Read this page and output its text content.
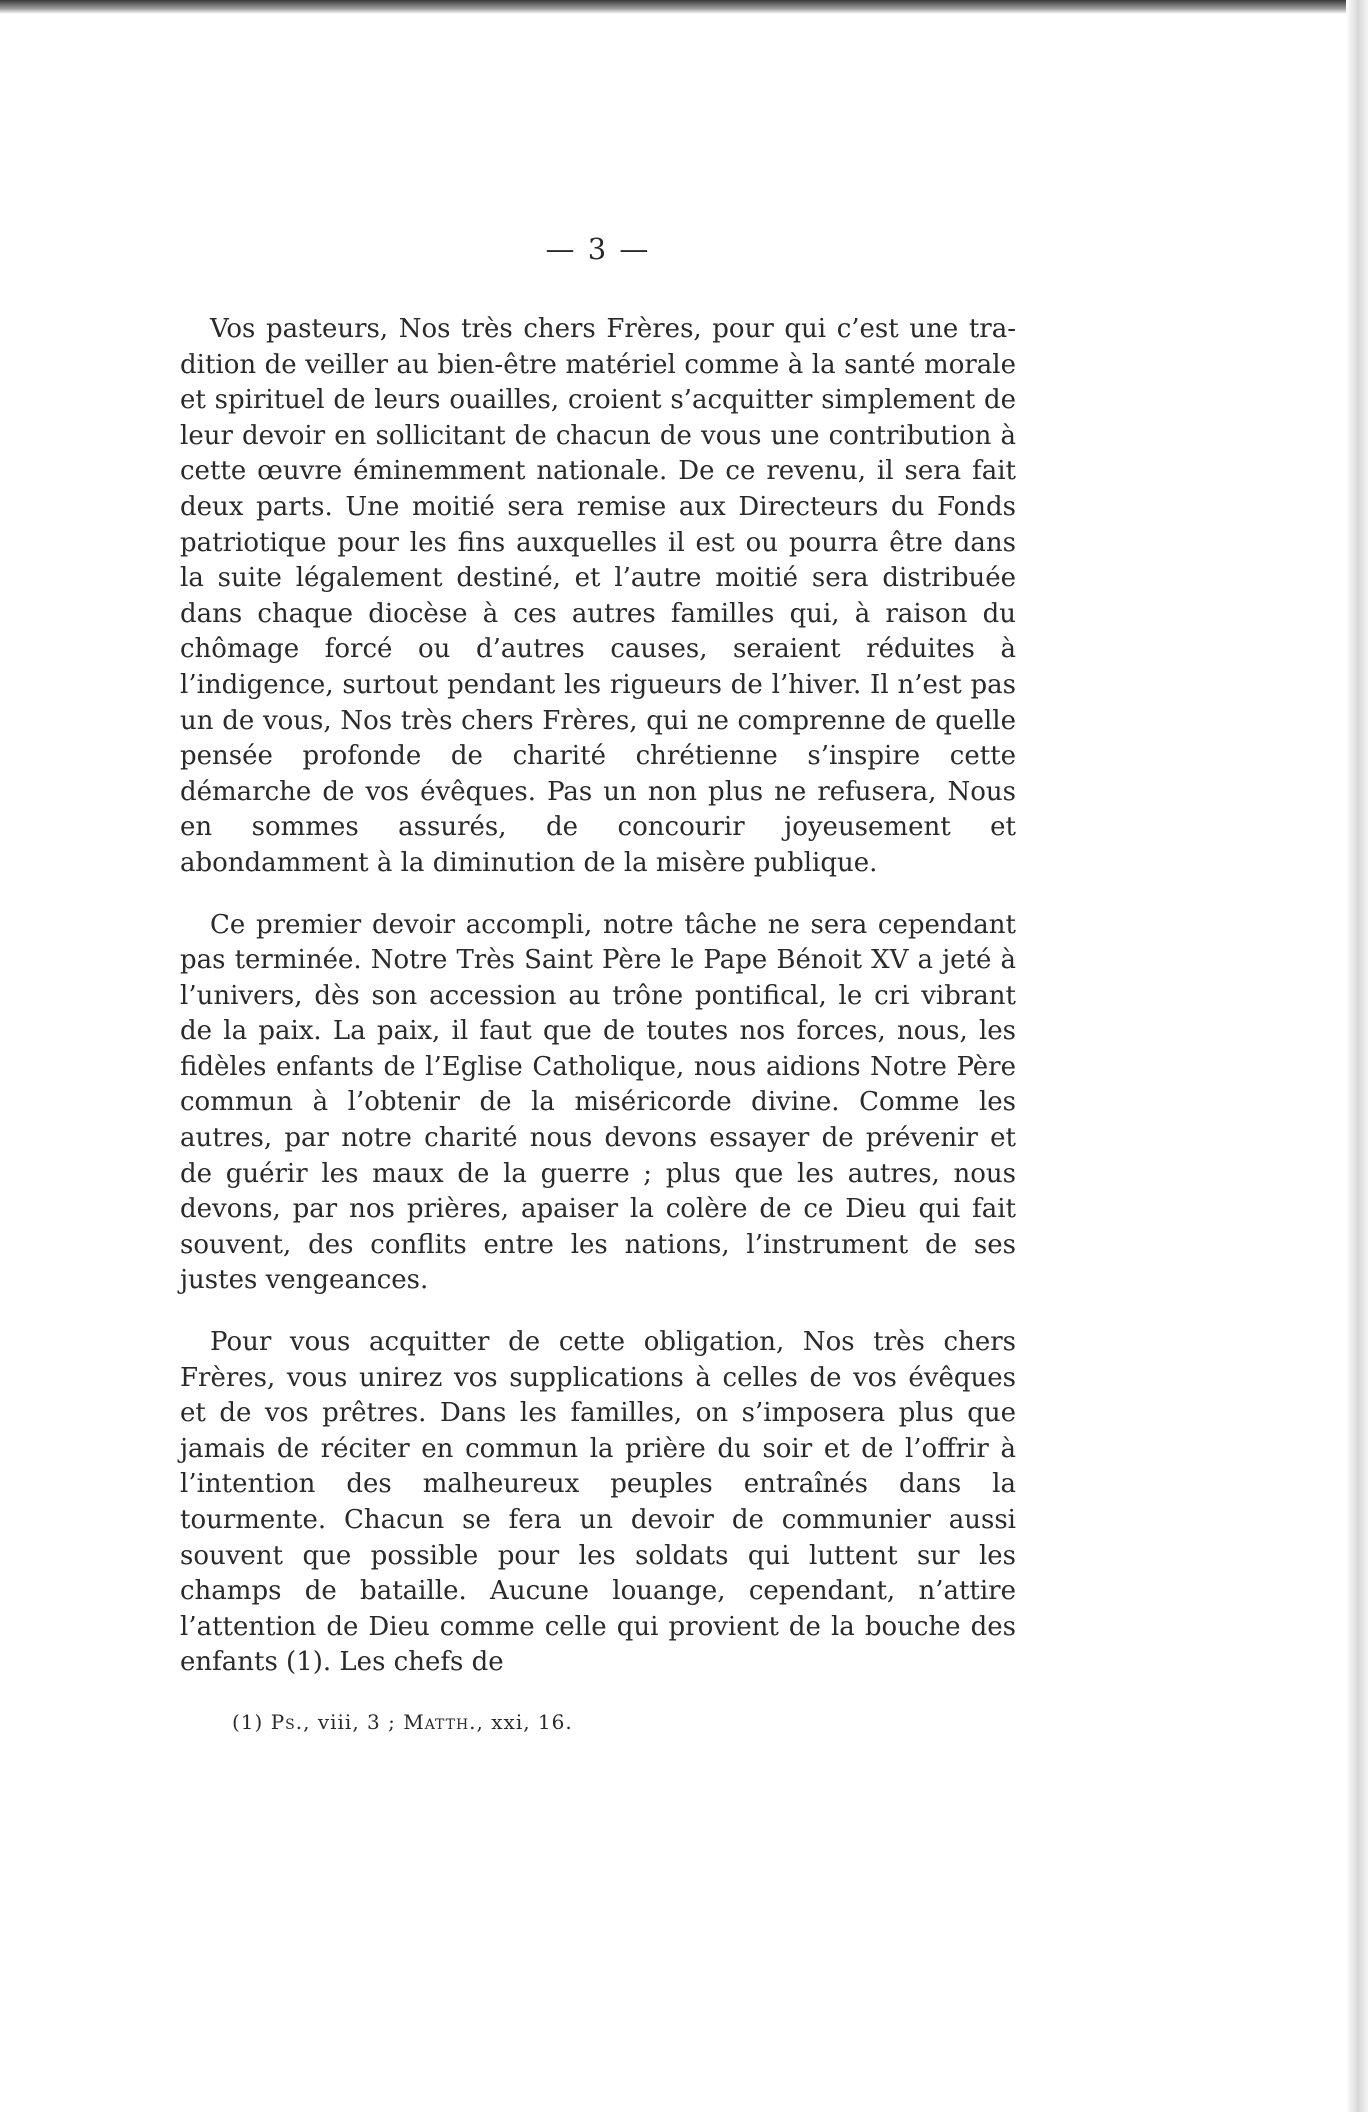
— 3 —

Vos pasteurs, Nos très chers Frères, pour qui c’est une tradition de veiller au bien-être matériel comme à la santé morale et spirituel de leurs ouailles, croient s’acquitter simplement de leur devoir en sollicitant de chacun de vous une contribution à cette œuvre éminemment nationale. De ce revenu, il sera fait deux parts. Une moitié sera remise aux Directeurs du Fonds patriotique pour les fins auxquelles il est ou pourra être dans la suite légalement destiné, et l’autre moitié sera distribuée dans chaque diocèse à ces autres familles qui, à raison du chômage forcé ou d’autres causes, seraient réduites à l’indigence, surtout pendant les rigueurs de l’hiver. Il n’est pas un de vous, Nos très chers Frères, qui ne comprenne de quelle pensée profonde de charité chrétienne s’inspire cette démarche de vos évêques. Pas un non plus ne refusera, Nous en sommes assurés, de concourir joyeusement et abondamment à la diminution de la misère publique.

Ce premier devoir accompli, notre tâche ne sera cependant pas terminée. Notre Très Saint Père le Pape Bénoit XV a jeté à l’univers, dès son accession au trône pontifical, le cri vibrant de la paix. La paix, il faut que de toutes nos forces, nous, les fidèles enfants de l’Eglise Catholique, nous aidions Notre Père commun à l’obtenir de la miséricorde divine. Comme les autres, par notre charité nous devons essayer de prévenir et de guérir les maux de la guerre ; plus que les autres, nous devons, par nos prières, apaiser la colère de ce Dieu qui fait souvent, des conflits entre les nations, l’instrument de ses justes vengeances.

Pour vous acquitter de cette obligation, Nos très chers Frères, vous unirez vos supplications à celles de vos évêques et de vos prêtres. Dans les familles, on s’imposera plus que jamais de réciter en commun la prière du soir et de l’offrir à l’intention des malheureux peuples entraînés dans la tourmente. Chacun se fera un devoir de communier aussi souvent que possible pour les soldats qui luttent sur les champs de bataille. Aucune louange, cependant, n’attire l’attention de Dieu comme celle qui provient de la bouche des enfants (1). Les chefs de

(1) Ps., viii, 3 ; Matth., xxi, 16.
